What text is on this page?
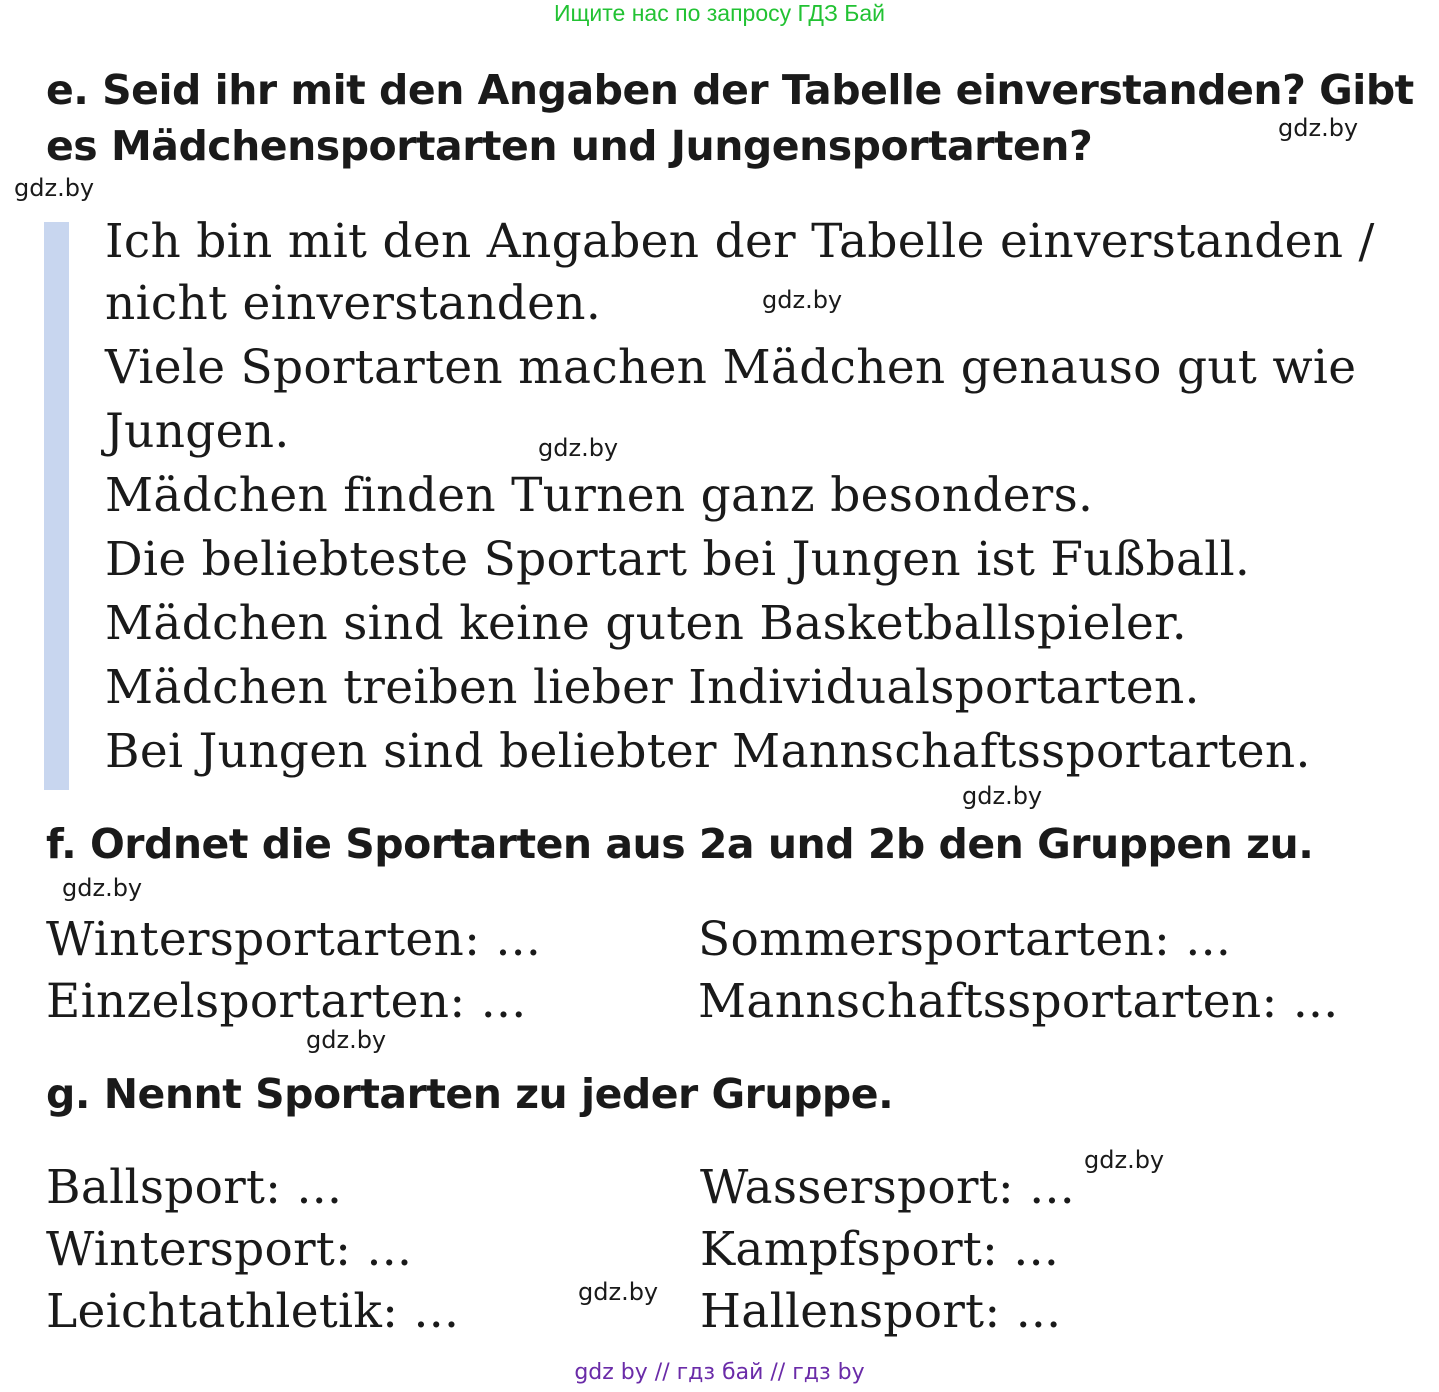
Ищите нас по запросу ГДЗ Бай
e. Seid ihr mit den Angaben der Tabelle einverstanden? Gibt
es Mädchensportarten und Jungensportarten?	gdz.by
gdz.by
Ich bin mit den Angaben der Tabelle einverstanden /
nicht einverstanden.
Viele Sportarten machen Mädchen genauso gut wie
Jungen.
Mädchen finden Turnen ganz besonders.
Die beliebteste Sportart bei Jungen ist Fußball.
Mädchen sind keine guten Basketballspieler.
Mädchen treiben lieber Individualsportarten.
Bei Jungen sind beliebter Mannschaftssportarten.
gdz.by
gdz.by
gdz.by
f. Ordnet die Sportarten aus 2a und 2b den Gruppen zu.
gdz.by
Wintersportarten: ...
Einzelsportarten: ...
Sommersportarten: ...
Mannschaftssportarten: ...
gdz.by
g. Nennt Sportarten zu jeder Gruppe.
gdz.by
Ballsport: ...
Wintersport: ...
Leichtathletik: ...
Wassersport: ...
Kampfsport: ...
Hallensport: ...
gdz.by
gdz by // гдз бай // гдз by
